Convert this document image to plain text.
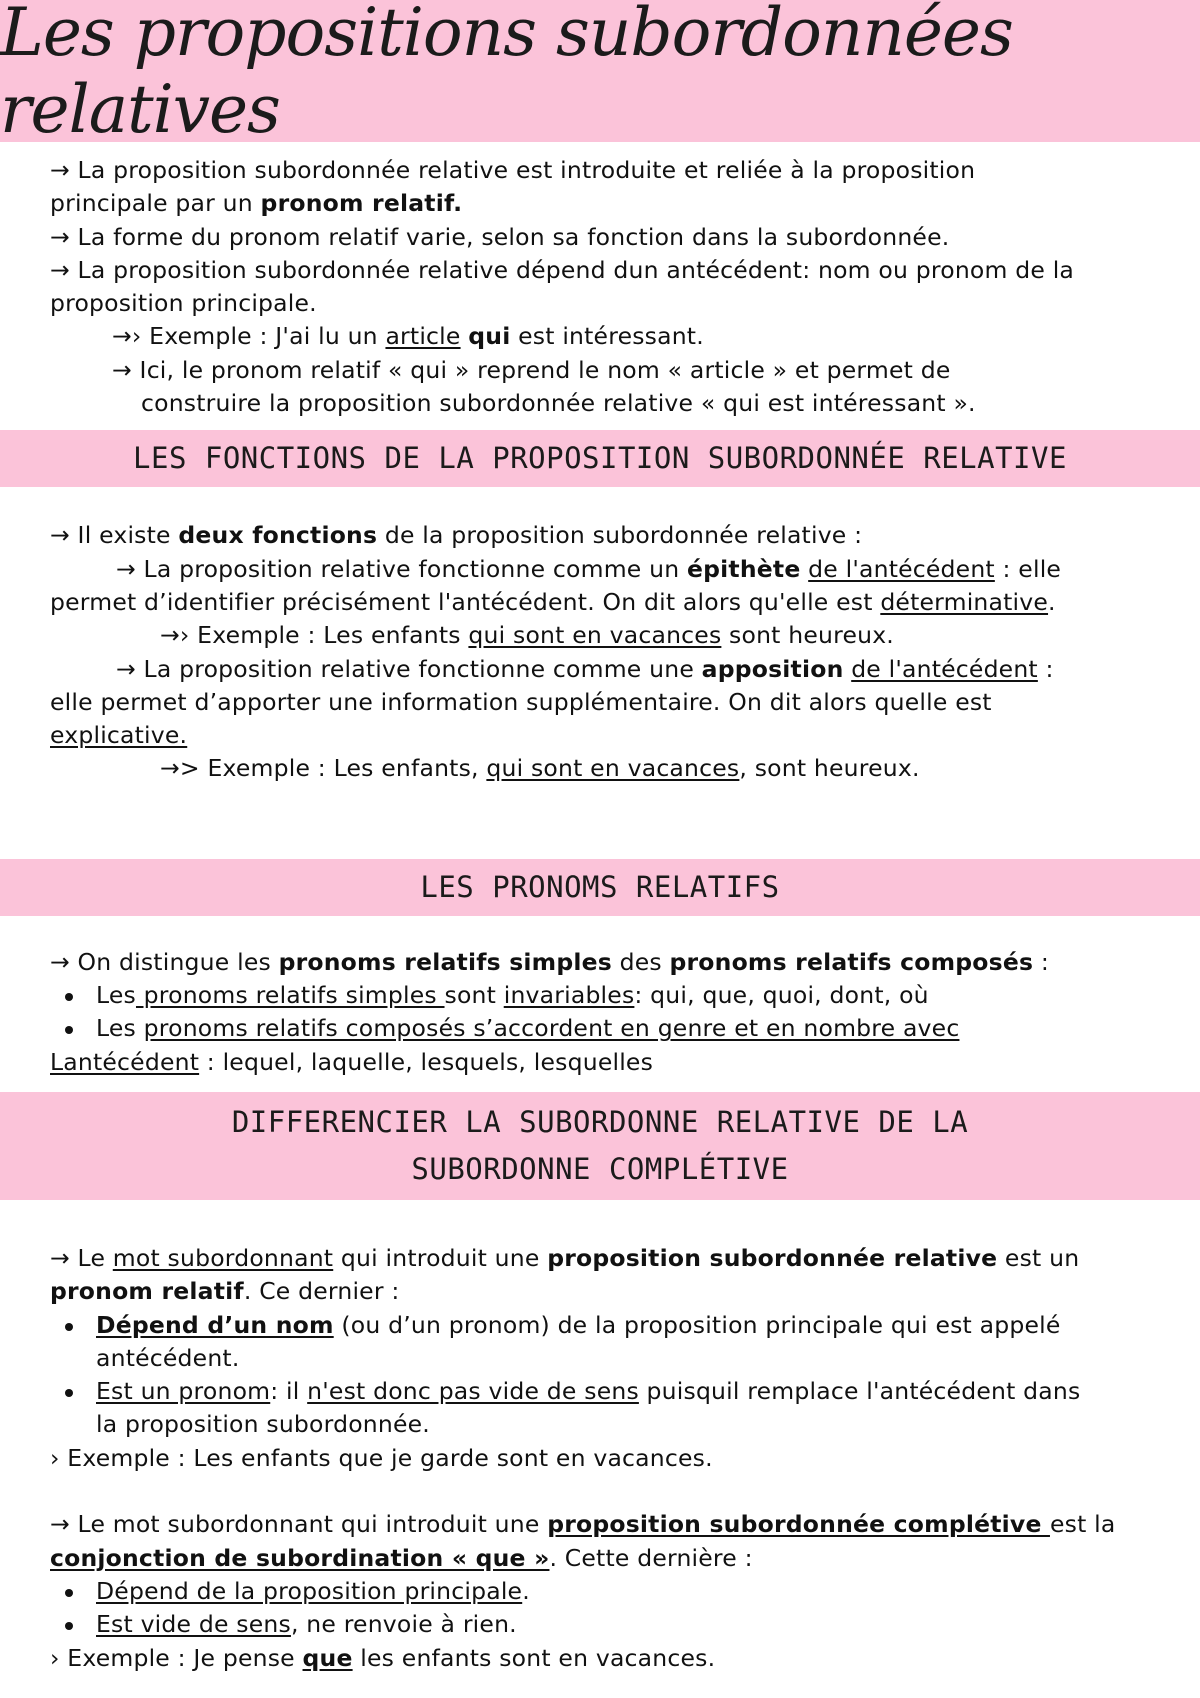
Les propositions subordonnées relatives

→ La proposition subordonnée relative est introduite et reliée à la proposition

principale par un pronom relatif.

→ La forme du pronom relatif varie, selon sa fonction dans la subordonnée.

→ La proposition subordonnée relative dépend dun antécédent: nom ou pronom de la

proposition principale.

→› Exemple : J'ai lu un article qui est intéressant.

→ Ici, le pronom relatif « qui » reprend le nom « article » et permet de

construire la proposition subordonnée relative « qui est intéressant ».

LES FONCTIONS DE LA PROPOSITION SUBORDONNÉE RELATIVE

→ Il existe deux fonctions de la proposition subordonnée relative :

→ La proposition relative fonctionne comme un épithète de l'antécédent : elle

permet d’identifier précisément l'antécédent. On dit alors qu'elle est déterminative.

→› Exemple : Les enfants qui sont en vacances sont heureux.

→ La proposition relative fonctionne comme une apposition de l'antécédent :

elle permet d’apporter une information supplémentaire. On dit alors quelle est

explicative.

→> Exemple : Les enfants, qui sont en vacances, sont heureux.

LES PRONOMS RELATIFS

→ On distingue les pronoms relatifs simples des pronoms relatifs composés :

Les pronoms relatifs simples sont invariables: qui, que, quoi, dont, où

Les pronoms relatifs composés s’accordent en genre et en nombre avec

Lantécédent : lequel, laquelle, lesquels, lesquelles

DIFFERENCIER LA SUBORDONNE RELATIVE DE LA
SUBORDONNE COMPLÉTIVE

→ Le mot subordonnant qui introduit une proposition subordonnée relative est un

pronom relatif. Ce dernier :

Dépend d’un nom (ou d’un pronom) de la proposition principale qui est appelé

antécédent.

Est un pronom: il n'est donc pas vide de sens puisquil remplace l'antécédent dans

la proposition subordonnée.

› Exemple : Les enfants que je garde sont en vacances.

→ Le mot subordonnant qui introduit une proposition subordonnée complétive est la

conjonction de subordination « que ». Cette dernière :

Dépend de la proposition principale.

Est vide de sens, ne renvoie à rien.

› Exemple : Je pense que les enfants sont en vacances.
